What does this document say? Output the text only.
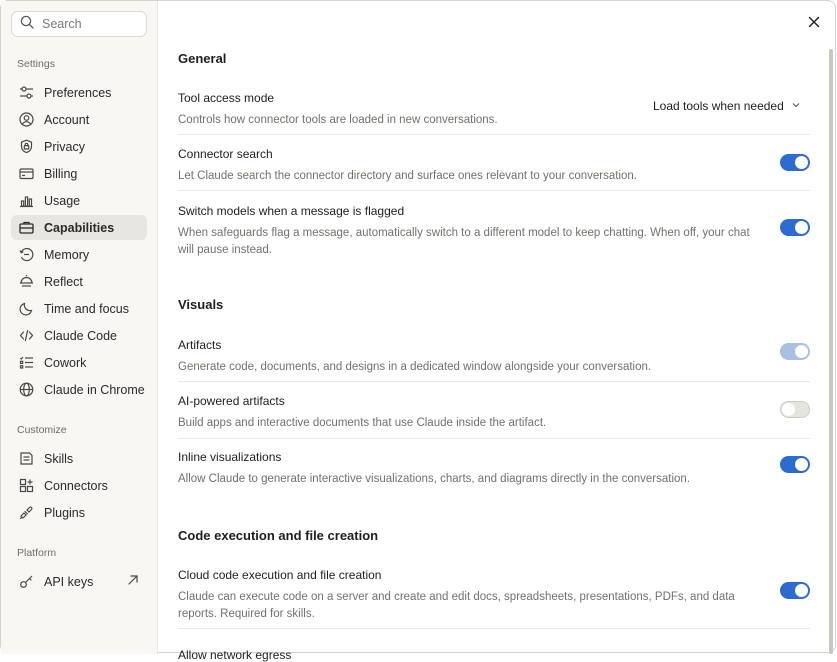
Search
Settings
Preferences
Account
Privacy
Billing
Usage
Capabilities
Memory
Reflect
Time and focus
Claude Code
Cowork
Claude in Chrome
Customize
Skills
Connectors
Plugins
Platform
API keys
General
Tool access mode
Controls how connector tools are loaded in new conversations.
Load tools when needed
Connector search
Let Claude search the connector directory and surface ones relevant to your conversation.
Switch models when a message is flagged
When safeguards flag a message, automatically switch to a different model to keep chatting. When off, your chat will pause instead.
Visuals
Artifacts
Generate code, documents, and designs in a dedicated window alongside your conversation.
AI-powered artifacts
Build apps and interactive documents that use Claude inside the artifact.
Inline visualizations
Allow Claude to generate interactive visualizations, charts, and diagrams directly in the conversation.
Code execution and file creation
Cloud code execution and file creation
Claude can execute code on a server and create and edit docs, spreadsheets, presentations, PDFs, and data reports. Required for skills.
Allow network egress
